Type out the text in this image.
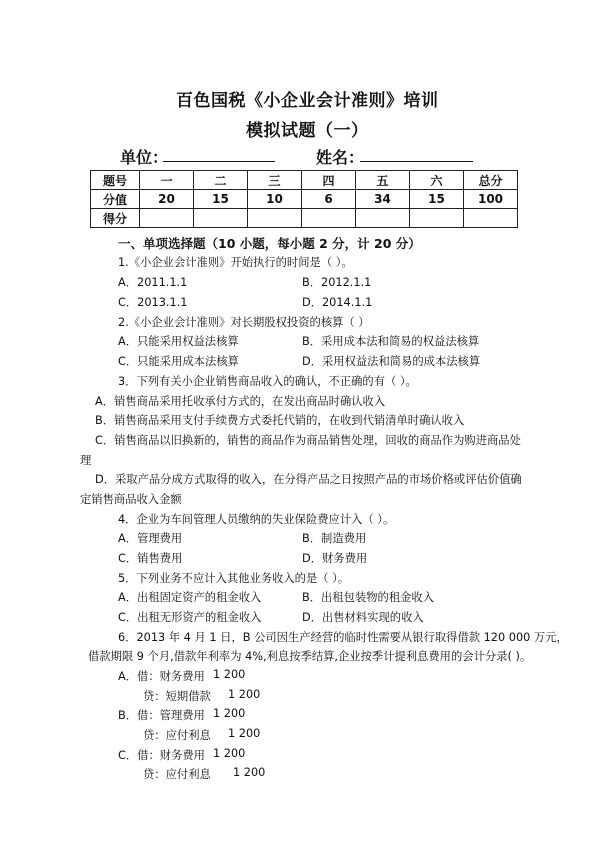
百色国税《小企业会计准则》培训
模拟试题（一）
单位：	姓名：
题号	一	二	三	四	五	六	总分
分值	20	15	10	6	34	15	100
得分							
一、单项选择题（10 小题，每小题 2 分，计 20 分）
1.《小企业会计准则》开始执行的时间是（ ）。
A．2011.1.1	B．2012.1.1
C．2013.1.1	D．2014.1.1
2.《小企业会计准则》对长期股权投资的核算（ ）
A．只能采用权益法核算	B．采用成本法和简易的权益法核算
C．只能采用成本法核算	D．采用权益法和简易的成本法核算
3．下列有关小企业销售商品收入的确认，不正确的有（ ）。
A．销售商品采用托收承付方式的，在发出商品时确认收入
B．销售商品采用支付手续费方式委托代销的，在收到代销清单时确认收入
C．销售商品以旧换新的，销售的商品作为商品销售处理，回收的商品作为购进商品处
理
D．采取产品分成方式取得的收入，在分得产品之日按照产品的市场价格或评估价值确
定销售商品收入金额
4．企业为车间管理人员缴纳的失业保险费应计入（ ）。
A．管理费用	B．制造费用
C．销售费用	D．财务费用
5．下列业务不应计入其他业务收入的是（ ）。
A．出租固定资产的租金收入	B．出租包装物的租金收入
C．出租无形资产的租金收入	D．出售材料实现的收入
6．2013 年 4 月 1 日，B 公司因生产经营的临时性需要从银行取得借款 120 000 万元，
借款期限 9 个月,借款年利率为 4%,利息按季结算,企业按季计提利息费用的会计分录( )。
A．借：财务费用 1 200
贷：短期借款 1 200
B．借：管理费用 1 200
贷：应付利息 1 200
C．借：财务费用 1 200
贷：应付利息 1 200
